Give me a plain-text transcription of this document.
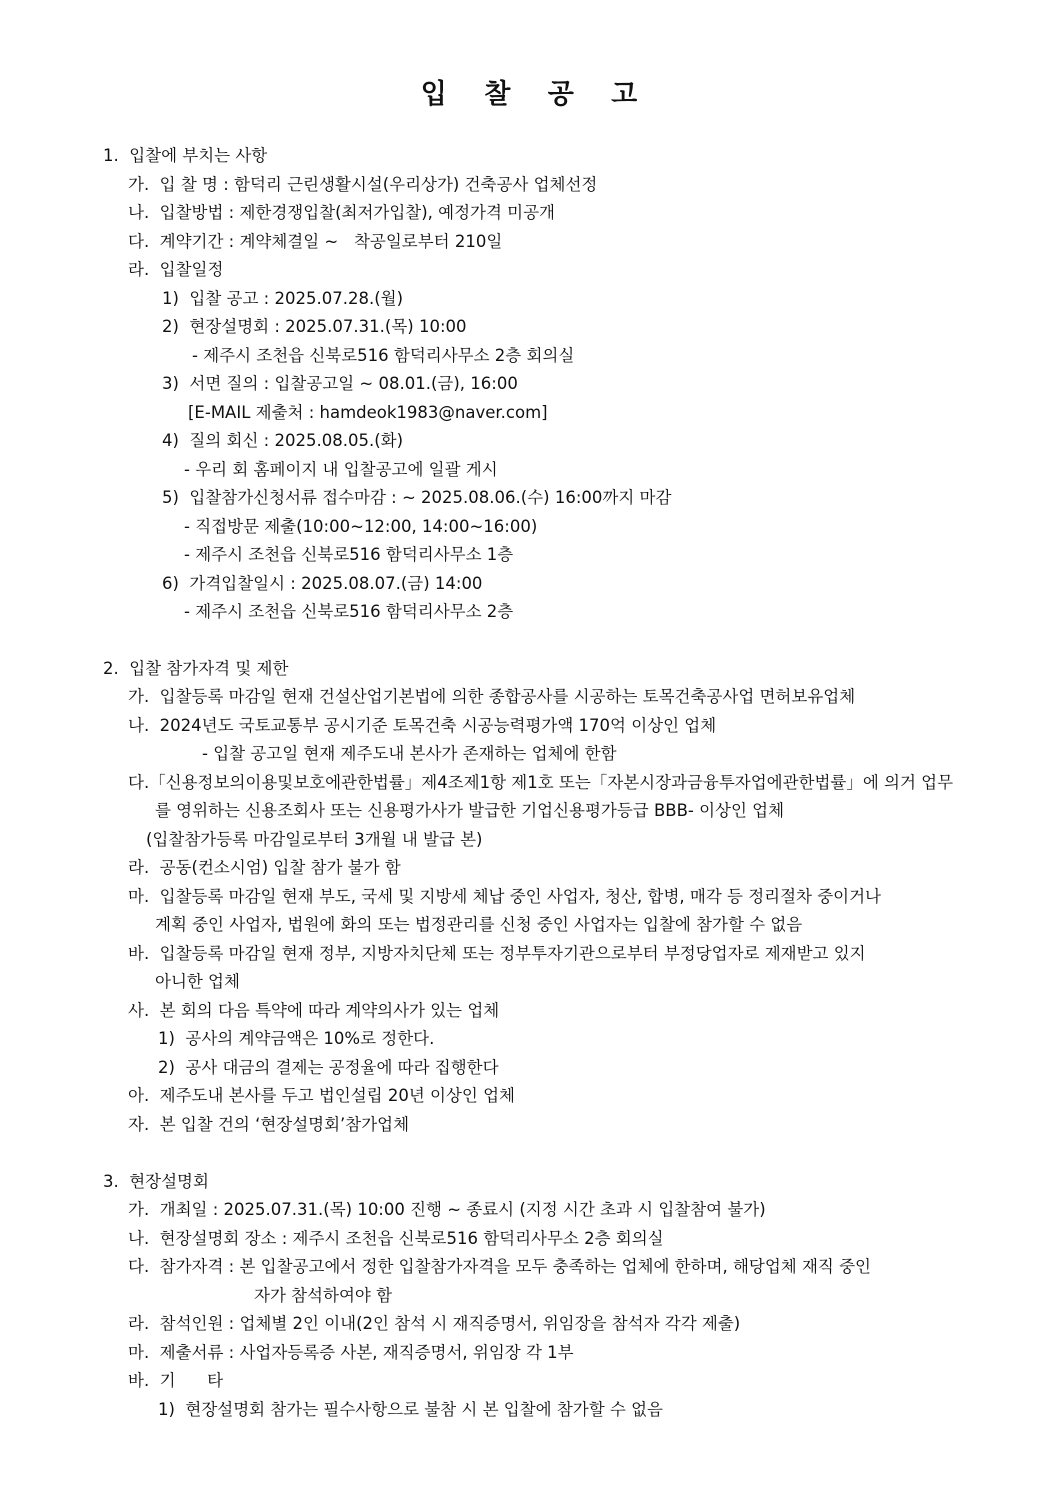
입 찰 공 고
1.  입찰에 부치는 사항
가.  입 찰 명 : 함덕리 근린생활시설(우리상가) 건축공사 업체선정
나.  입찰방법 : 제한경쟁입찰(최저가입찰), 예정가격 미공개
다.  계약기간 : 계약체결일 ~   착공일로부터 210일
라.  입찰일정
1)  입찰 공고 : 2025.07.28.(월)
2)  현장설명회 : 2025.07.31.(목) 10:00
- 제주시 조천읍 신북로516 함덕리사무소 2층 회의실
3)  서면 질의 : 입찰공고일 ~ 08.01.(금), 16:00
[E-MAIL 제출처 : hamdeok1983@naver.com]
4)  질의 회신 : 2025.08.05.(화)
- 우리 회 홈페이지 내 입찰공고에 일괄 게시
5)  입찰참가신청서류 접수마감 : ~ 2025.08.06.(수) 16:00까지 마감
- 직접방문 제출(10:00~12:00, 14:00~16:00)
- 제주시 조천읍 신북로516 함덕리사무소 1층
6)  가격입찰일시 : 2025.08.07.(금) 14:00
- 제주시 조천읍 신북로516 함덕리사무소 2층
2.  입찰 참가자격 및 제한
가.  입찰등록 마감일 현재 건설산업기본법에 의한 종합공사를 시공하는 토목건축공사업 면허보유업체
나.  2024년도 국토교통부 공시기준 토목건축 시공능력평가액 170억 이상인 업체
- 입찰 공고일 현재 제주도내 본사가 존재하는 업체에 한함
다.「신용정보의이용및보호에관한법률」제4조제1항 제1호 또는「자본시장과금융투자업에관한법률」에 의거 업무
를 영위하는 신용조회사 또는 신용평가사가 발급한 기업신용평가등급 BBB- 이상인 업체
(입찰참가등록 마감일로부터 3개월 내 발급 본)
라.  공동(컨소시엄) 입찰 참가 불가 함
마.  입찰등록 마감일 현재 부도, 국세 및 지방세 체납 중인 사업자, 청산, 합병, 매각 등 정리절차 중이거나
계획 중인 사업자, 법원에 화의 또는 법정관리를 신청 중인 사업자는 입찰에 참가할 수 없음
바.  입찰등록 마감일 현재 정부, 지방자치단체 또는 정부투자기관으로부터 부정당업자로 제재받고 있지
아니한 업체
사.  본 회의 다음 특약에 따라 계약의사가 있는 업체
1)  공사의 계약금액은 10%로 정한다.
2)  공사 대금의 결제는 공정율에 따라 집행한다
아.  제주도내 본사를 두고 법인설립 20년 이상인 업체
자.  본 입찰 건의 ‘현장설명회’참가업체
3.  현장설명회
가.  개최일 : 2025.07.31.(목) 10:00 진행 ~ 종료시 (지정 시간 초과 시 입찰참여 불가)
나.  현장설명회 장소 : 제주시 조천읍 신북로516 함덕리사무소 2층 회의실
다.  참가자격 : 본 입찰공고에서 정한 입찰참가자격을 모두 충족하는 업체에 한하며, 해당업체 재직 중인
자가 참석하여야 함
라.  참석인원 : 업체별 2인 이내(2인 참석 시 재직증명서, 위임장을 참석자 각각 제출)
마.  제출서류 : 사업자등록증 사본, 재직증명서, 위임장 각 1부
바.  기      타
1)  현장설명회 참가는 필수사항으로 불참 시 본 입찰에 참가할 수 없음
